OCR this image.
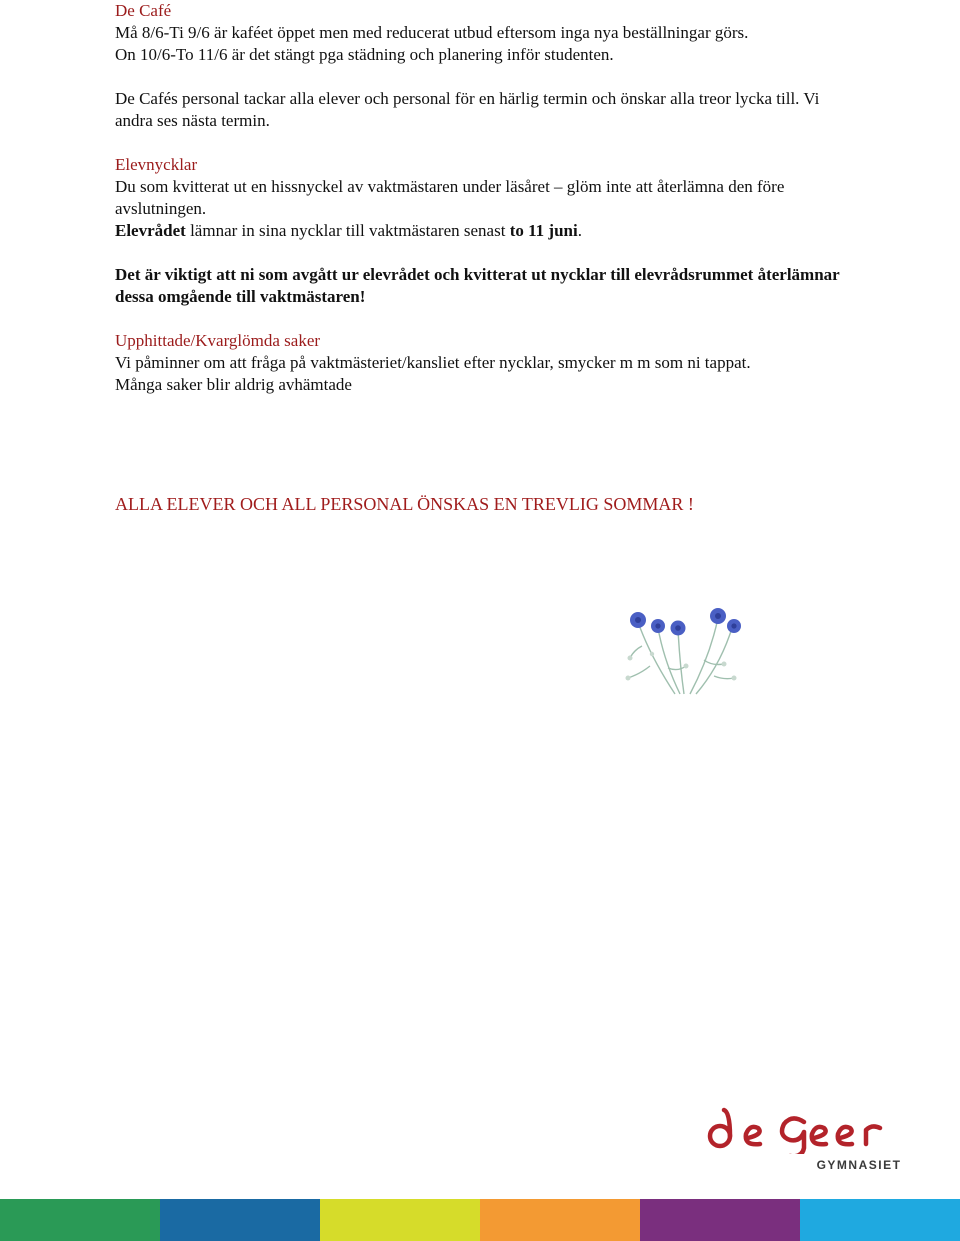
De Café
Må 8/6-Ti 9/6 är kaféet öppet men med reducerat utbud eftersom inga nya beställningar görs.
On 10/6-To 11/6 är det stängt pga städning och planering inför studenten.
De Cafés personal tackar alla elever och personal för en härlig termin och önskar alla treor lycka till. Vi andra ses nästa termin.
Elevnycklar
Du som kvitterat ut en hissnyckel av vaktmästaren under läsåret – glöm inte att återlämna den före avslutningen.
Elevrådet lämnar in sina nycklar till vaktmästaren senast to 11 juni.
Det är viktigt att ni som avgått ur elevrådet och kvitterat ut nycklar till elevrådsrummet återlämnar dessa omgående till vaktmästaren!
Upphittade/Kvarglömda saker
Vi påminner om att fråga på vaktmästeriet/kansliet efter nycklar, smycker m m som ni tappat.
Många saker blir aldrig avhämtade
ALLA ELEVER OCH ALL PERSONAL ÖNSKAS EN TREVLIG SOMMAR !
GYMNASIET
